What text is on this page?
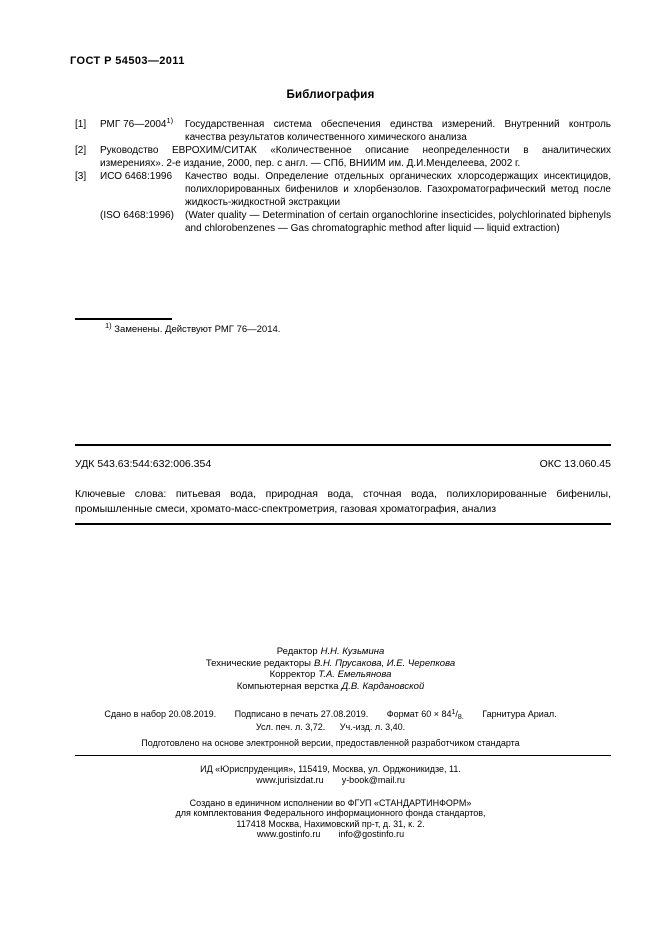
ГОСТ Р 54503—2011
Библиография
[1]	РМГ 76—2004$^{1)}$	Государственная система обеспечения единства измерений. Внутренний контроль качества результатов количественного химического анализа
[2]	Руководство ЕВРОХИМ/СИТАК «Количественное описание неопределенности в аналитических измерениях». 2-е издание, 2000, пер. с англ. — СПб, ВНИИМ им. Д.И.Менделеева, 2002 г.
[3]	ИСО 6468:1996	Качество воды. Определение отдельных органических хлорсодержащих инсектицидов, полихлорированных бифенилов и хлорбензолов. Газохроматографический метод после жидкость-жидкостной экстракции
(ISO 6468:1996)	(Water quality — Determination of certain organochlorine insecticides, polychlorinated biphenyls and chlorobenzenes — Gas chromatographic method after liquid — liquid extraction)
$^{1)}$ Заменены. Действуют РМГ 76—2014.
УДК 543.63:544:632:006.354	ОКС 13.060.45
Ключевые слова: питьевая вода, природная вода, сточная вода, полихлорированные бифенилы, промышленные смеси, хромато-масс-спектрометрия, газовая хроматография, анализ
Редактор Н.Н. Кузьмина
Технические редакторы В.Н. Прусакова, И.Е. Черепкова
Корректор Т.А. Емельянова
Компьютерная верстка Д.В. Кардановской
Сдано в набор 20.08.2019. Подписано в печать 27.08.2019. Формат $60 \times 84^1/_{8.}$ Гарнитура Ариал.
Усл. печ. л. 3,72. Уч.-изд. л. 3,40.
Подготовлено на основе электронной версии, предоставленной разработчиком стандарта
ИД «Юриспруденция», 115419, Москва, ул. Орджоникидзе, 11.
www.jurisizdat.ru y-book@mail.ru
Создано в единичном исполнении во ФГУП «СТАНДАРТИНФОРМ»
для комплектования Федерального информационного фонда стандартов,
117418 Москва, Нахимовский пр-т, д. 31, к. 2.
www.gostinfo.ru info@gostinfo.ru
